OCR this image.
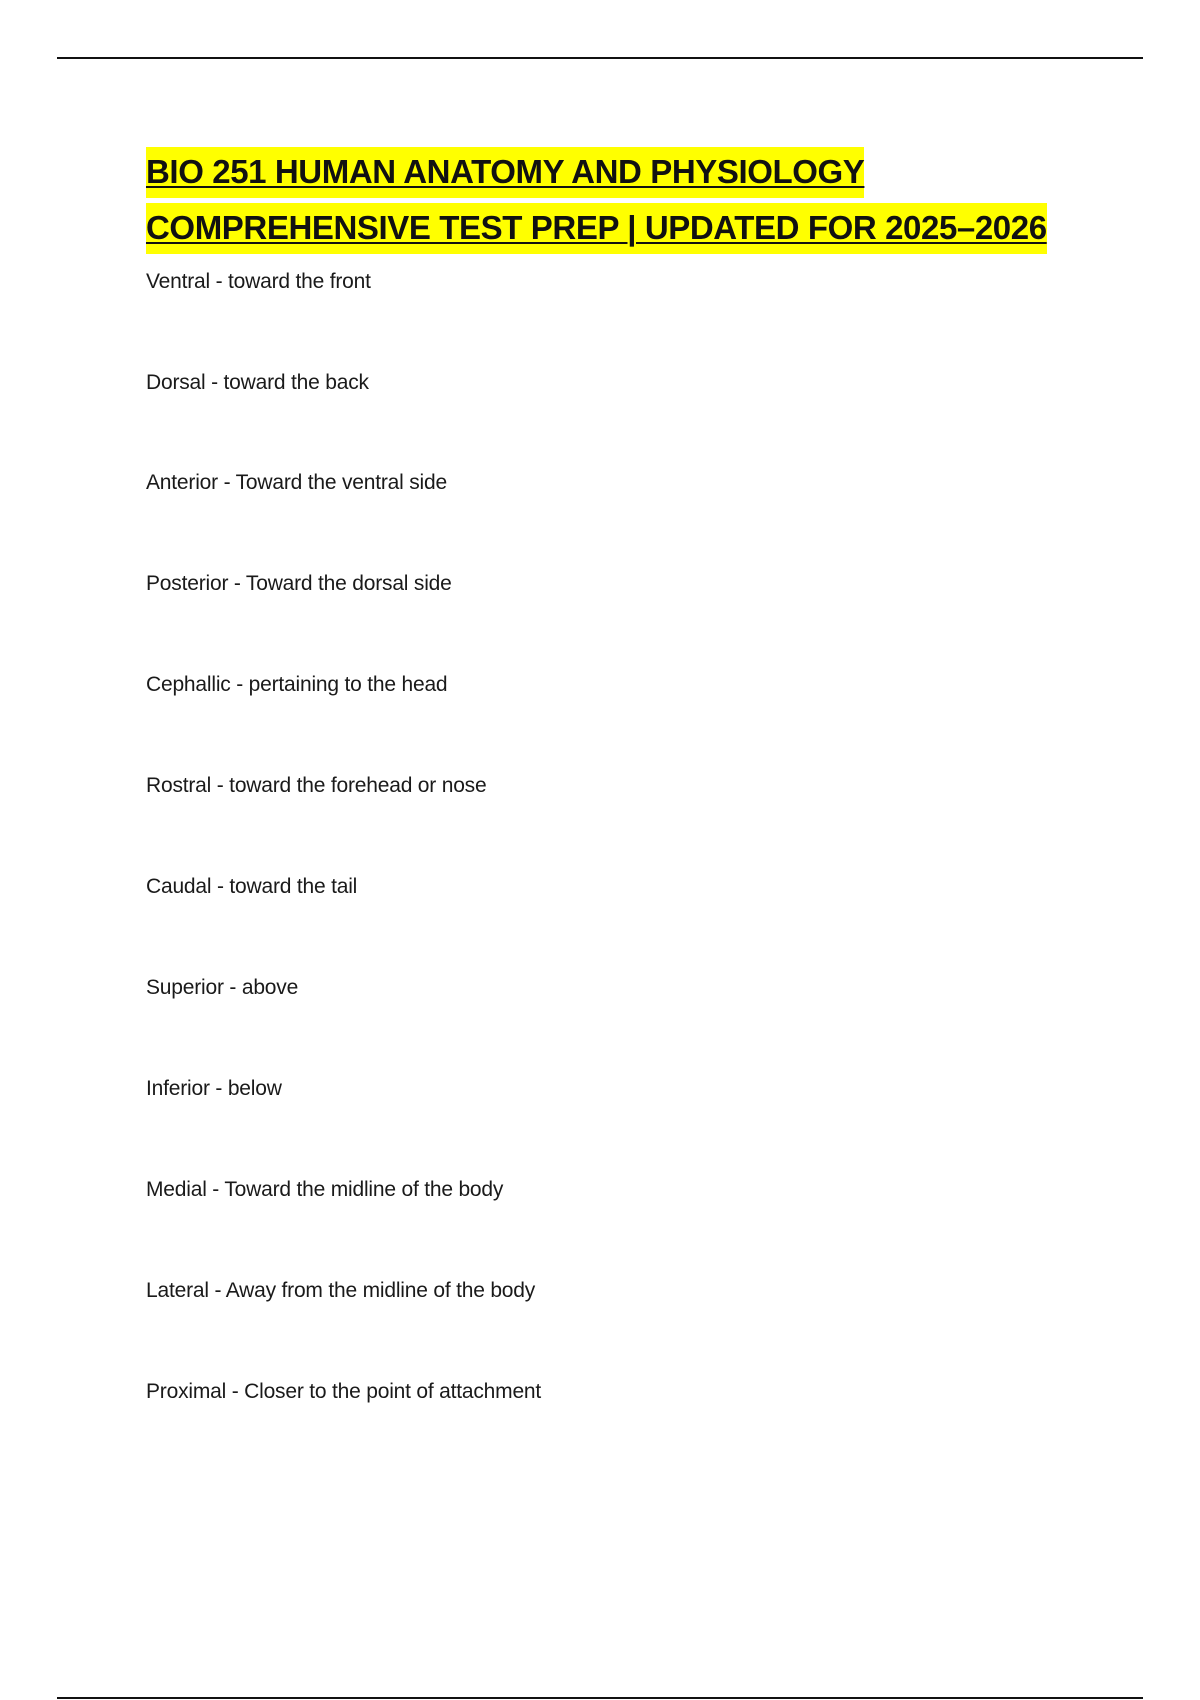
BIO 251 HUMAN ANATOMY AND PHYSIOLOGY
COMPREHENSIVE TEST PREP | UPDATED FOR 2025–2026
Ventral - toward the front
Dorsal - toward the back
Anterior - Toward the ventral side
Posterior - Toward the dorsal side
Cephallic - pertaining to the head
Rostral - toward the forehead or nose
Caudal - toward the tail
Superior - above
Inferior - below
Medial - Toward the midline of the body
Lateral - Away from the midline of the body
Proximal - Closer to the point of attachment
